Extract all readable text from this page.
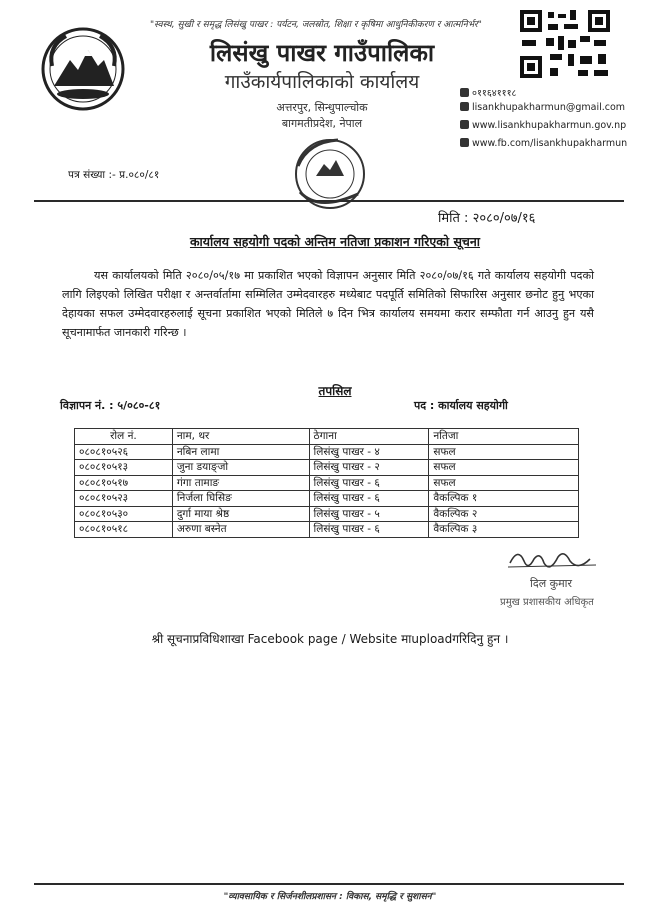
"स्वस्थ, सुखी र समृद्ध लिसंखु पाखर : पर्यटन, जलस्रोत, शिक्षा र कृषिमा आधुनिकीकरण र आत्मनिर्भर"
लिसंखु पाखर गाउँपालिका
गाउँकार्यपालिकाको कार्यालय
अत्तरपुर, सिन्धुपाल्चोक
बागमतीप्रदेश, नेपाल
०११६४१११८
lisankhupakharmun@gmail.com
www.lisankhupakharmun.gov.np
www.fb.com/lisankhupakharmun
पत्र संख्या :- प्र.०८०/८१
मिति : २०८०/०७/१६
कार्यालय सहयोगी पदको अन्तिम नतिजा प्रकाशन गरिएको सूचना
यस कार्यालयको मिति २०८०/०५/१७ मा प्रकाशित भएको विज्ञापन अनुसार मिति २०८०/०७/१६ गते कार्यालय सहयोगी पदको लागि लिइएको लिखित परीक्षा र अन्तर्वार्तामा सम्मिलित उम्मेदवारहरु मध्येबाट पदपूर्ति समितिको सिफारिस अनुसार छनोट हुनु भएका देहायका सफल उम्मेदवारहरुलाई सूचना प्रकाशित भएको मितिले ७ दिन भित्र कार्यालय समयमा करार सम्फौता गर्न आउनु हुन यसै सूचनामार्फत जानकारी गरिन्छ ।
तपसिल
विज्ञापन नं. : ५/०८०-८१	पद : कार्यालय सहयोगी
रोल नं.	नाम, थर	ठेगाना	नतिजा
०८०८१०५२६	नबिन लामा	लिसंखु पाखर - ४	सफल
०८०८१०५१३	जुना डयाङ्जो	लिसंखु पाखर - २	सफल
०८०८१०५१७	गंगा तामाङ	लिसंखु पाखर - ६	सफल
०८०८१०५२३	निर्जला घिसिङ	लिसंखु पाखर - ६	वैकल्पिक १
०८०८१०५३०	दुर्गा माया श्रेष्ठ	लिसंखु पाखर - ५	वैकल्पिक २
०८०८१०५१८	अरुणा बस्नेत	लिसंखु पाखर - ६	वैकल्पिक ३
दिल कुमार
प्रमुख प्रशासकीय अधिकृत
श्री सूचनाप्रविधिशाखा Facebook page / Website माuploadगरिदिनु हुन ।
"व्यावसायिक र सिर्जनशीलप्रशासन : विकास, समृद्धि र सुशासन"
